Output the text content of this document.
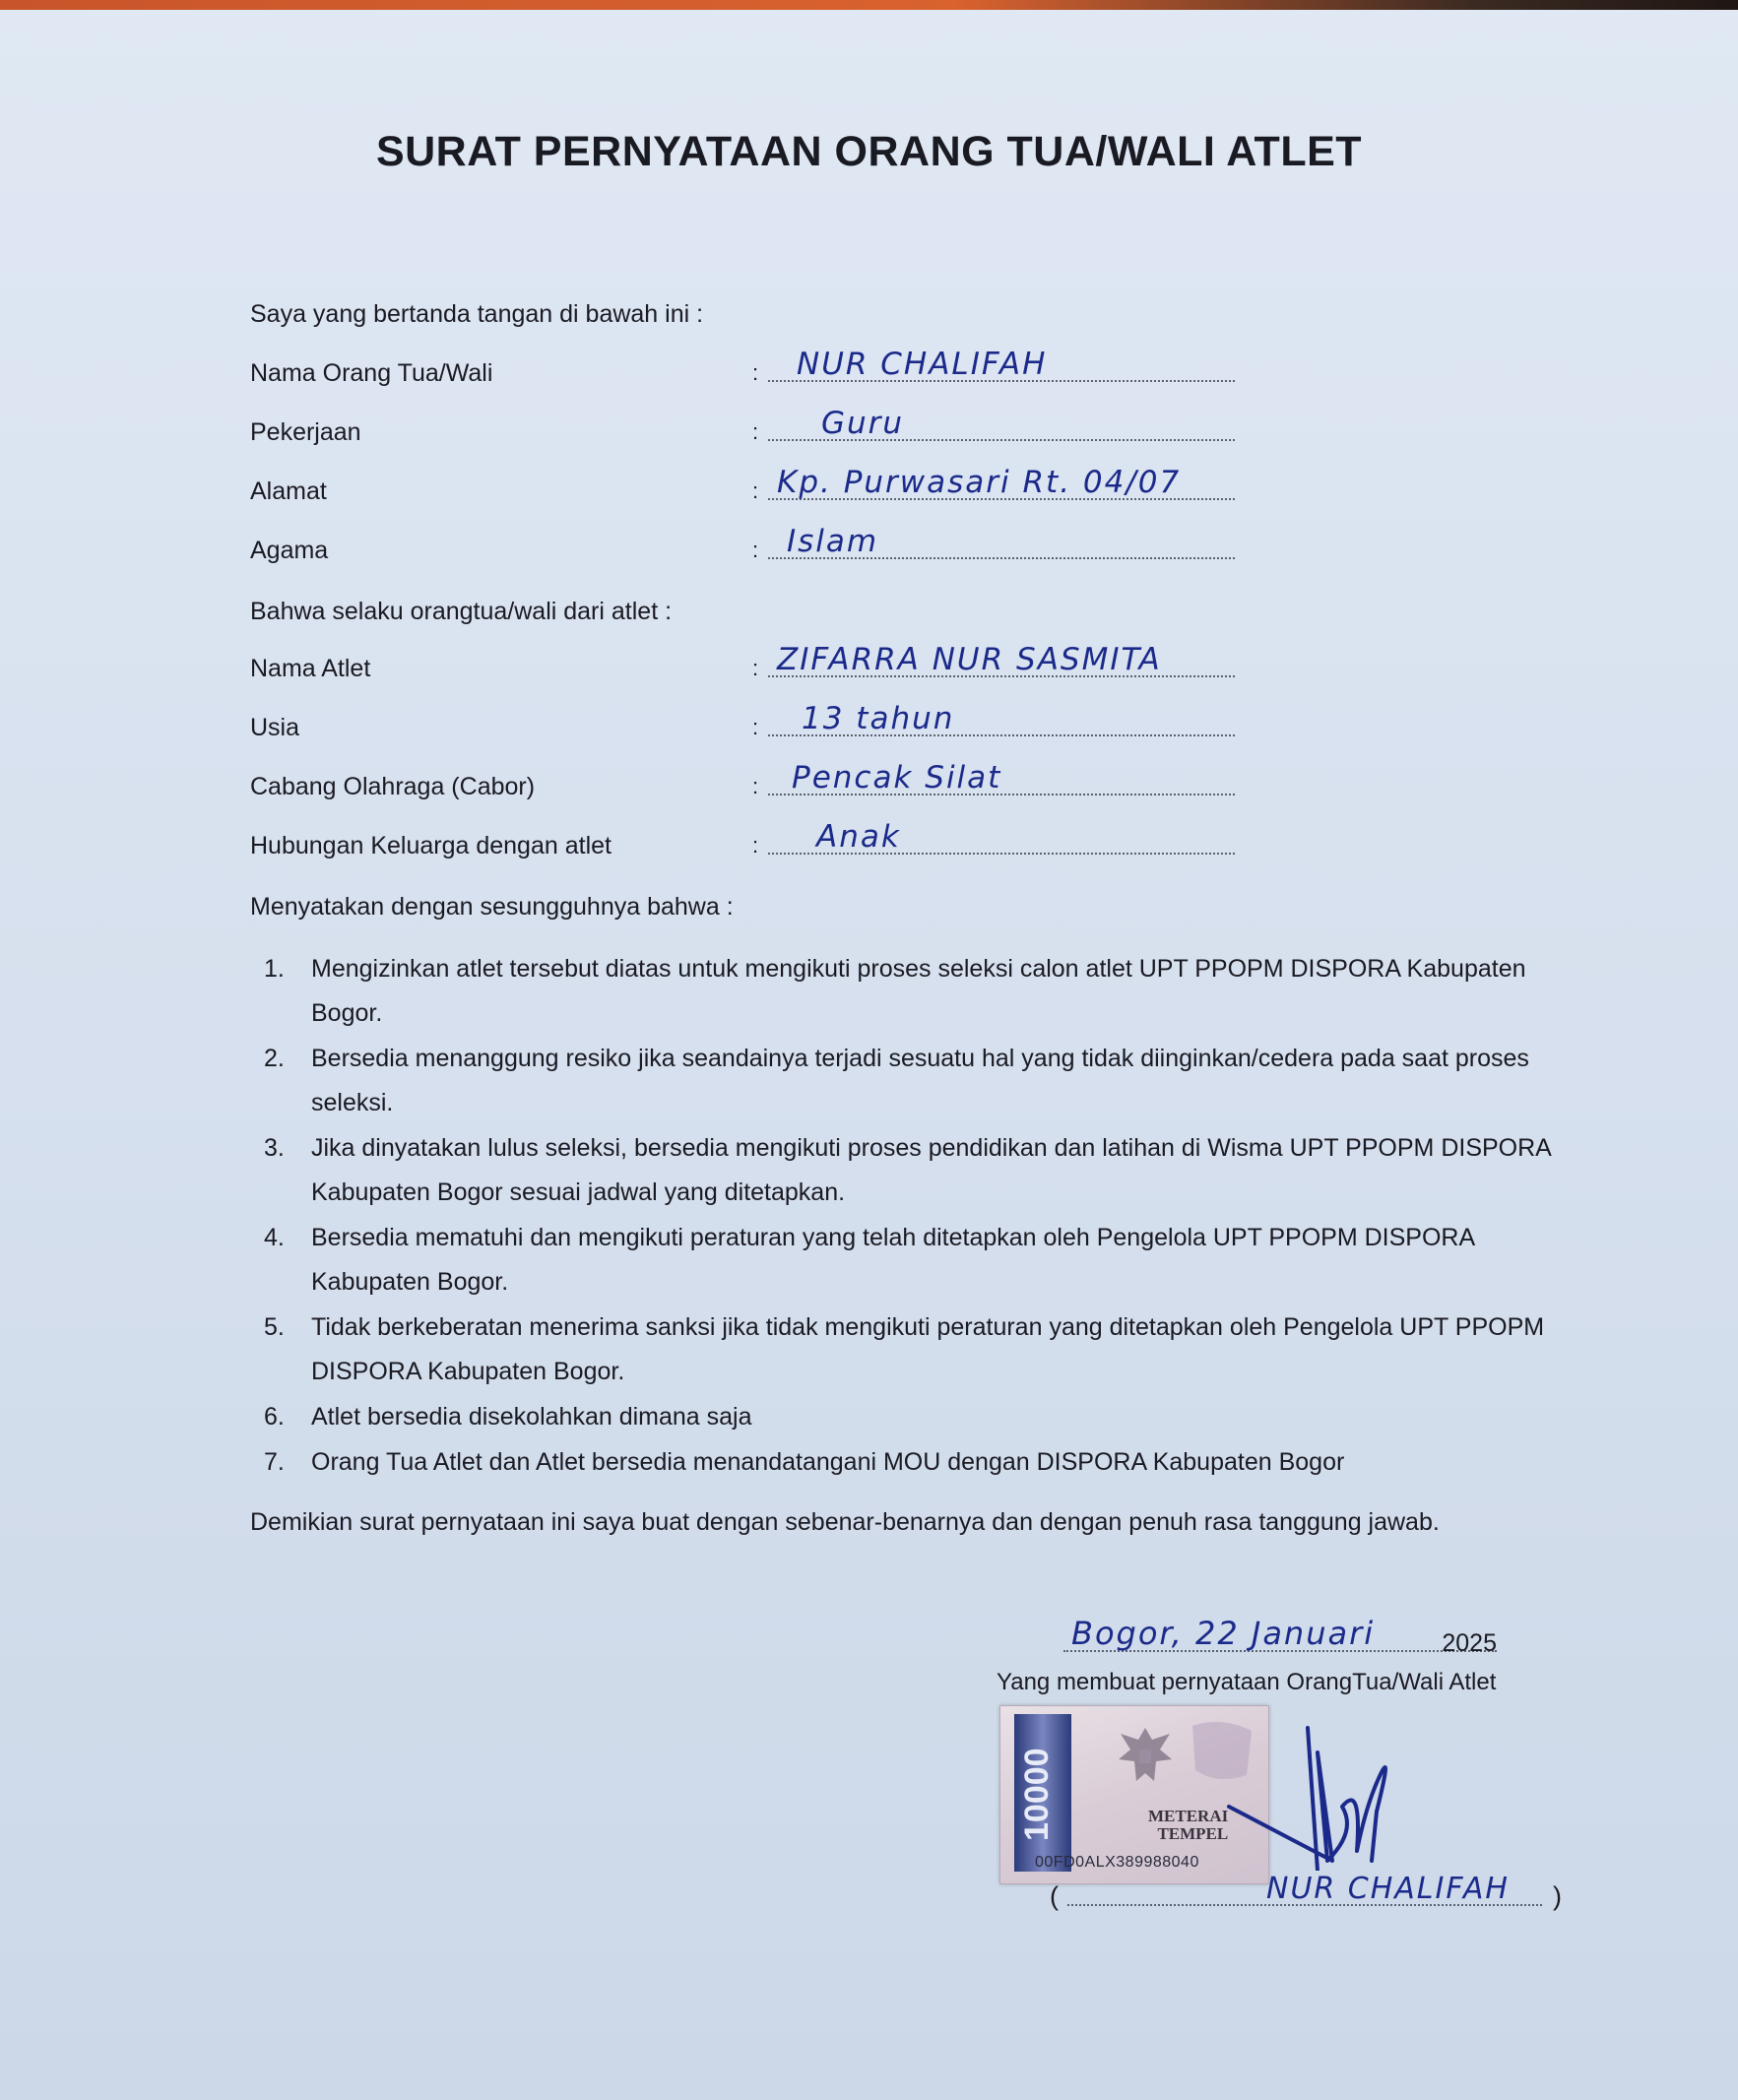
SURAT PERNYATAAN ORANG TUA/WALI ATLET
Saya yang bertanda tangan di bawah ini :
Nama Orang Tua/Wali	: NUR CHALIFAH
Pekerjaan	: Guru
Alamat	: Kp. Purwasari Rt. 04/07
Agama	: Islam
Bahwa selaku orangtua/wali dari atlet :
Nama Atlet	: ZIFARRA NUR SASMITA
Usia	: 13 tahun
Cabang Olahraga (Cabor)	: Pencak Silat
Hubungan Keluarga dengan atlet	: Anak
Menyatakan dengan sesungguhnya bahwa :
1. Mengizinkan atlet tersebut diatas untuk mengikuti proses seleksi calon atlet UPT PPOPM DISPORA Kabupaten Bogor.
2. Bersedia menanggung resiko jika seandainya terjadi sesuatu hal yang tidak diinginkan/cedera pada saat proses seleksi.
3. Jika dinyatakan lulus seleksi, bersedia mengikuti proses pendidikan dan latihan di Wisma UPT PPOPM DISPORA Kabupaten Bogor sesuai jadwal yang ditetapkan.
4. Bersedia mematuhi dan mengikuti peraturan yang telah ditetapkan oleh Pengelola UPT PPOPM DISPORA Kabupaten Bogor.
5. Tidak berkeberatan menerima sanksi jika tidak mengikuti peraturan yang ditetapkan oleh Pengelola UPT PPOPM DISPORA Kabupaten Bogor.
6. Atlet bersedia disekolahkan dimana saja
7. Orang Tua Atlet dan Atlet bersedia menandatangani MOU dengan DISPORA Kabupaten Bogor
Demikian surat pernyataan ini saya buat dengan sebenar-benarnya dan dengan penuh rasa tanggung jawab.
Bogor, 22 Januari	2025
Yang membuat pernyataan OrangTua/Wali Atlet
10000	METERAI
TEMPEL
00FD0ALX389988040
(	NUR CHALIFAH )
